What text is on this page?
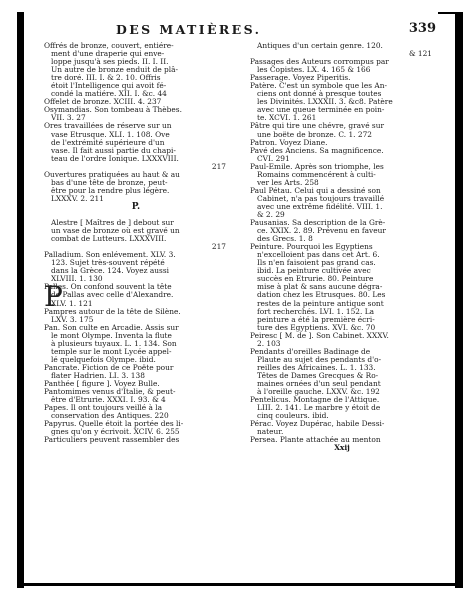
DES MATIÈRES.	339
Offrés de bronze, couvert, entiére-
ment d'une draperie qui enve-
loppe jusqu'à ses pieds. II. I. II.
Un autre de bronze enduit de plâ-
tre doré. III. I. & 2. 10. Offris
étoit l'Intelligence qui avoit fé-
condé la matiére. XII. I. &c. 44
Offelet de bronze. XCIII. 4. 237
Osymandias. Son tombeau à Thèbes.
VII. 3. 27
Ores travaillées de réserve sur un
vase Etrusque. XLI. 1. 108. Ove
de l'extrémité supérieure d'un
vase. Il fait aussi partie du chapi-
teau de l'ordre Ionique. LXXXVIII.
217
Ouvertures pratiquées au haut & au
bas d'une tête de bronze, peut-
être pour la rendre plus légère.
LXXXV. 2. 211
P.
Alestre [ Maîtres de ] debout sur
un vase de bronze où est gravé un
combat de Lutteurs. LXXXVIII.
217
Palladium. Son enlévement. XLV. 3.
123. Sujet très-souvent répété
dans la Grèce. 124. Voyez aussi
XLVIII. 1. 130
Palles. On confond souvent la tête
de Pallas avec celle d'Alexandre.
XLV. 1. 121
Pampres autour de la tête de Silène.
LXV. 3. 175
Pan. Son culte en Arcadie. Assis sur
le mont Olympe. Inventa la flute
à plusieurs tuyaux. L. 1. 134. Son
temple sur le mont Lycée appel-
lé quelquefois Olympe. ibid.
Pancrate. Fiction de ce Poëte pour
flater Hadrien. LI. 3. 138
Panthée [ figure ]. Voyez Bulle.
Pantomimes venus d'Italie, & peut-
être d'Etrurie. XXXI. I. 93. & 4
Papes. Il ont toujours veillé à la
conservation des Antiques. 220
Papyrus. Quelle étoit la portée des li-
gnes qu'on y écrivoit. XCIV. 6. 255
Particuliers peuvent rassembler des
Antiques d'un certain genre. 120.
& 121
Passages des Auteurs corrompus par
les Copistes. LX. 4. 165 & 166
Passerage. Voyez Piperitis.
Patère. C'est un symbole que les An-
ciens ont donné à presque toutes
les Divinités. LXXXII. 3. &c8. Patère
avec une queue terminée en poin-
te. XCVI. 1. 261
Pâtre qui tire une chévre, gravé sur
une boëte de bronze. C. 1. 272
Patron. Voyez Diane.
Pavé des Anciens. Sa magnificence.
CVI. 291
Paul-Emile. Après son triomphe, les
Romains commencérent à culti-
ver les Arts. 258
Paul Pétau. Celui qui a dessiné son
Cabinet, n'a pas toujours travaillé
avec une extrême fidélité. VIII. 1.
& 2. 29
Pausanias. Sa description de la Grè-
ce. XXIX. 2. 89. Prévenu en faveur
des Grecs. 1. 8
Peinture. Pourquoi les Egyptiens
n'excelloient pas dans cet Art. 6.
Ils n'en faisoient pas grand cas.
ibid. La peinture cultivée avec
succès en Etrurie. 80. Peinture
mise à plat & sans aucune dégra-
dation chez les Etrusques. 80. Les
restes de la peinture antique sont
fort recherchés. LVI. 1. 152. La
peinture a été la première écri-
ture des Egyptiens. XVI. &c. 70
Peiresc [ M. de ]. Son Cabinet. XXXV.
2. 103
Pendants d'oreilles Badinage de
Plaute au sujet des pendants d'o-
reilles des Africaines. L. 1. 133.
Têtes de Dames Grecques & Ro-
maines ornées d'un seul pendant
à l'oreille gauche. LXXV. &c. 192
Pentelicus. Montagne de l'Attique.
LIII. 2. 141. Le marbre y étoit de
cinq couleurs. ibid.
Pérac. Voyez Dupérac, habile Dessi-
nateur.
Persea. Plante attachée au menton
Xxij
P
